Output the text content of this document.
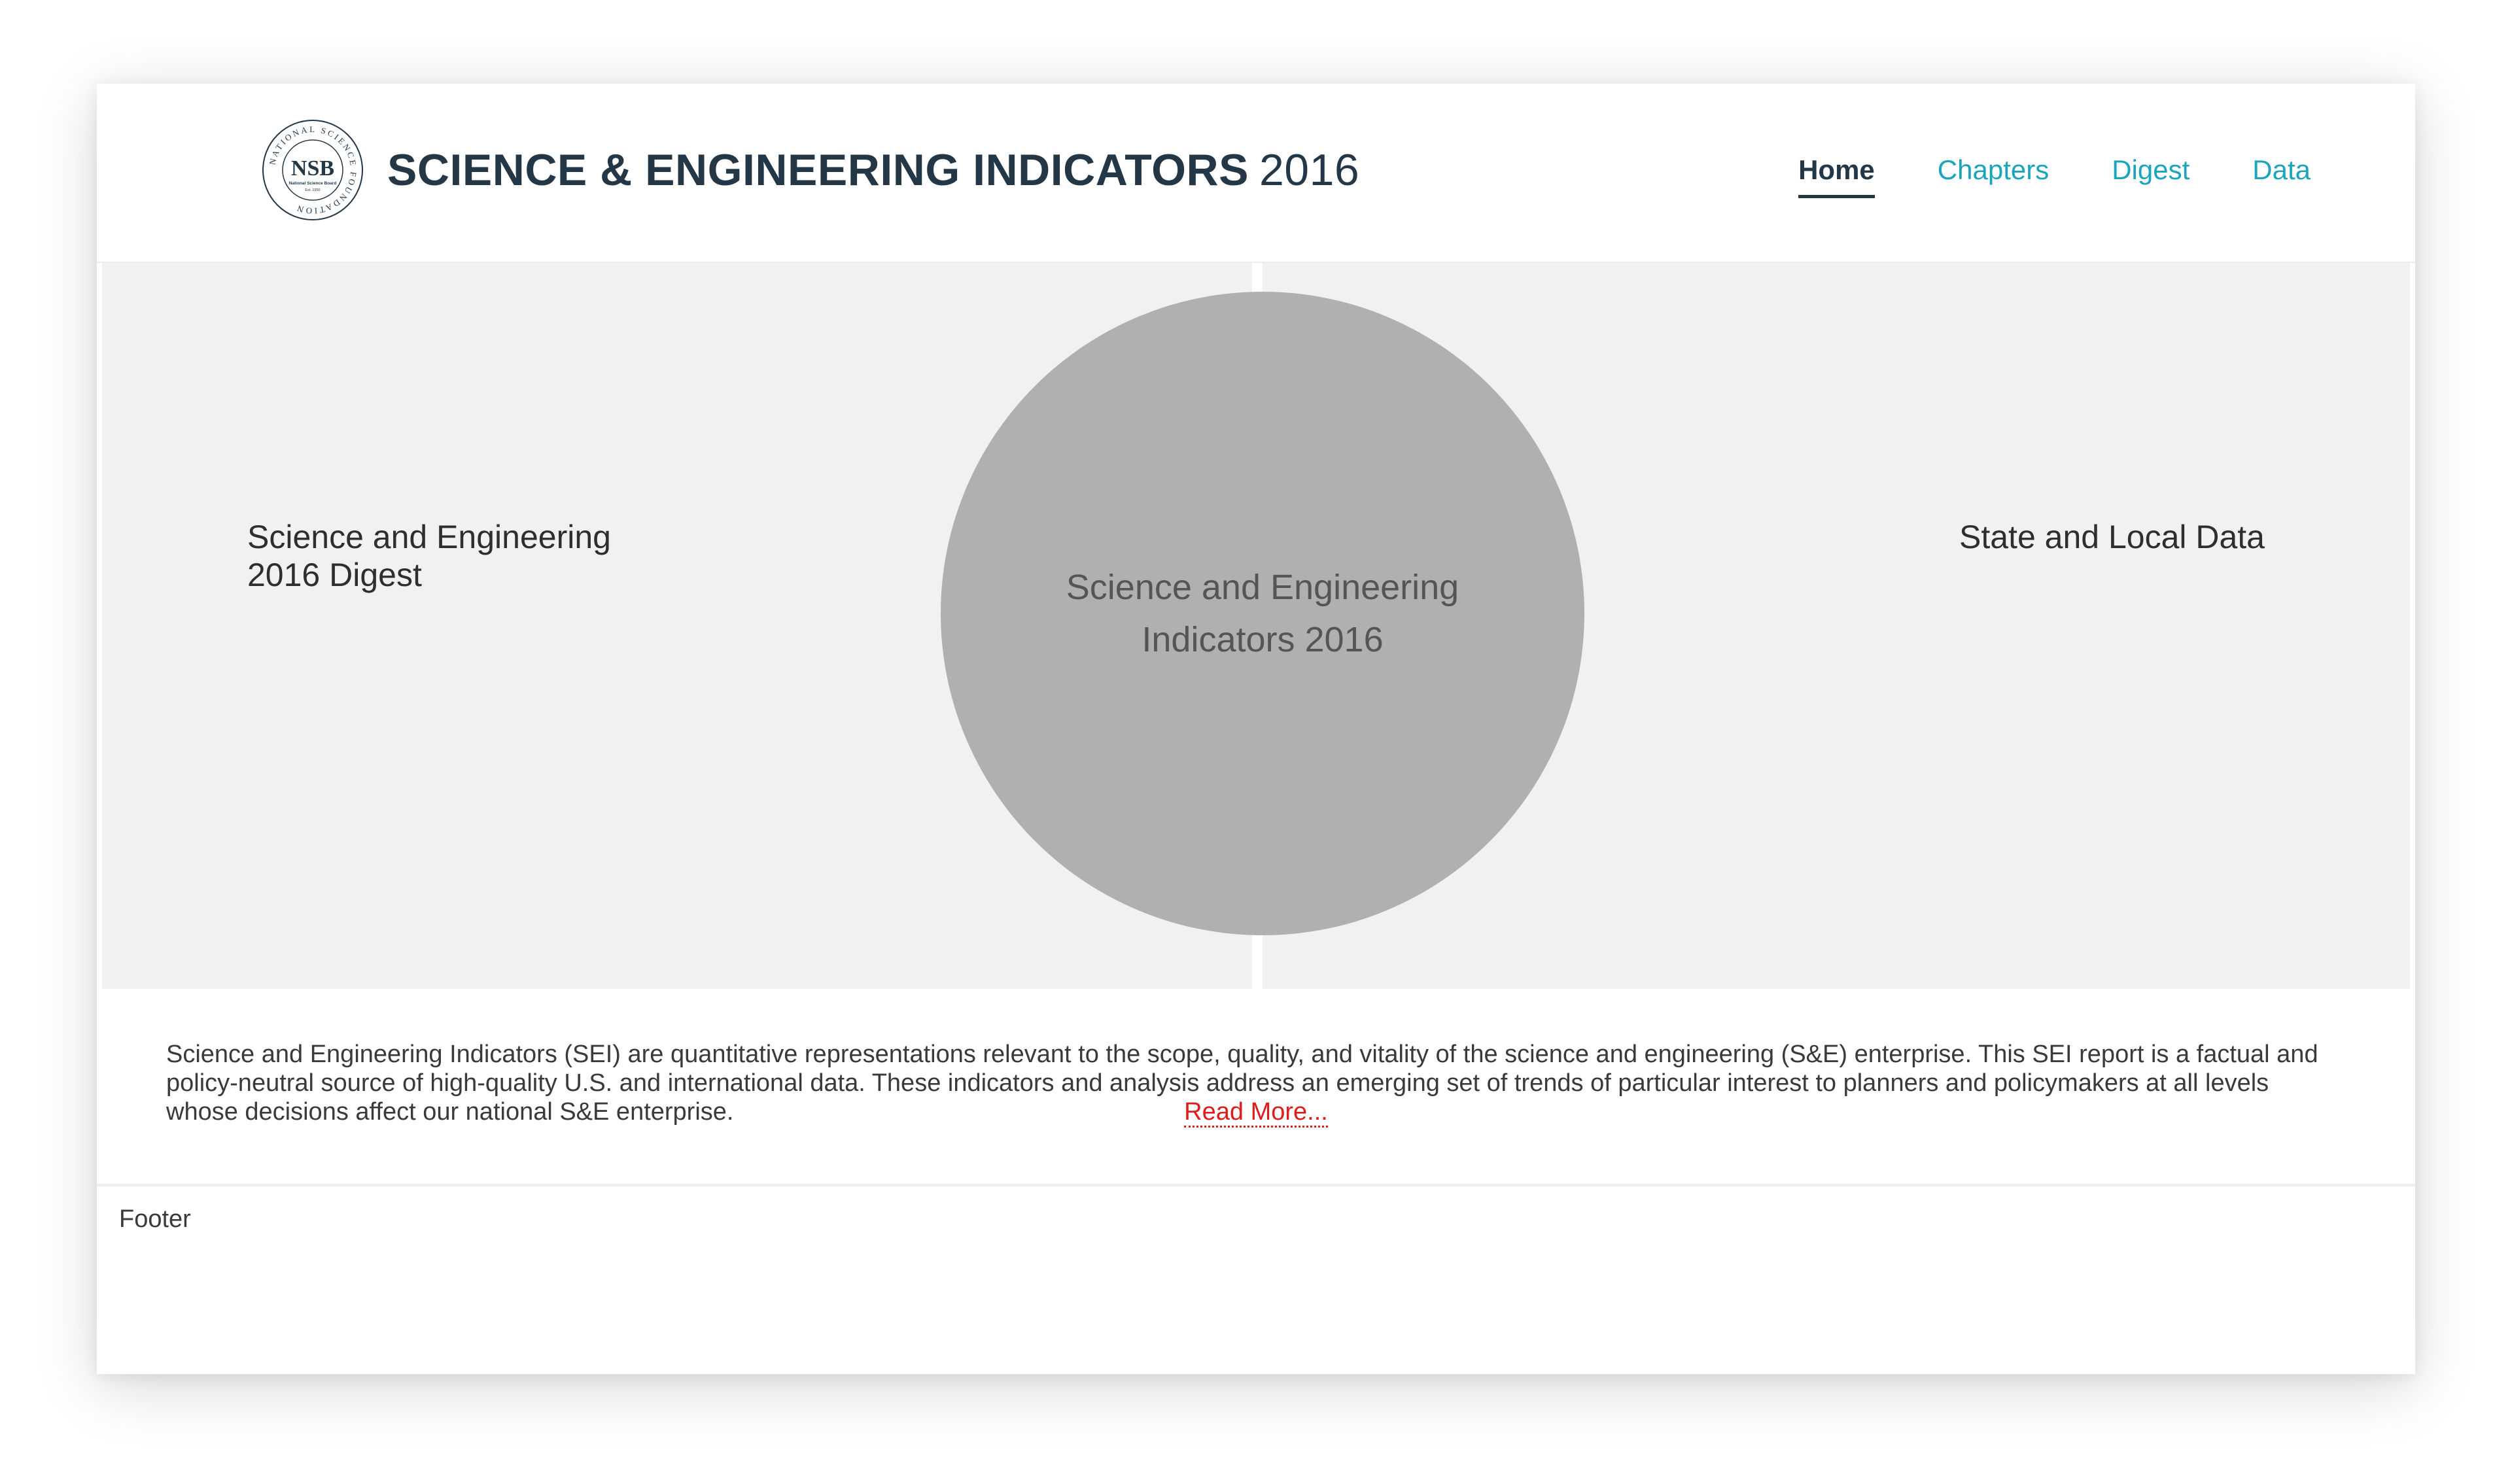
NATIONAL SCIENCE FOUNDATION
NSB
National Science Board
Est. 1950 SCIENCE & ENGINEERING INDICATORS 2016	Home Chapters Digest Data
Science and Engineering 2016 Digest
State and Local Data
Science and Engineering Indicators 2016

Science and Engineering Indicators (SEI) are quantitative representations relevant to the scope, quality, and vitality of the science and engineering (S&E) enterprise. This SEI report is a factual and policy-neutral source of high-quality U.S. and international data. These indicators and analysis address an emerging set of trends of particular interest to planners and policymakers at all levels whose decisions affect our national S&E enterprise.	Read More...
Footer
